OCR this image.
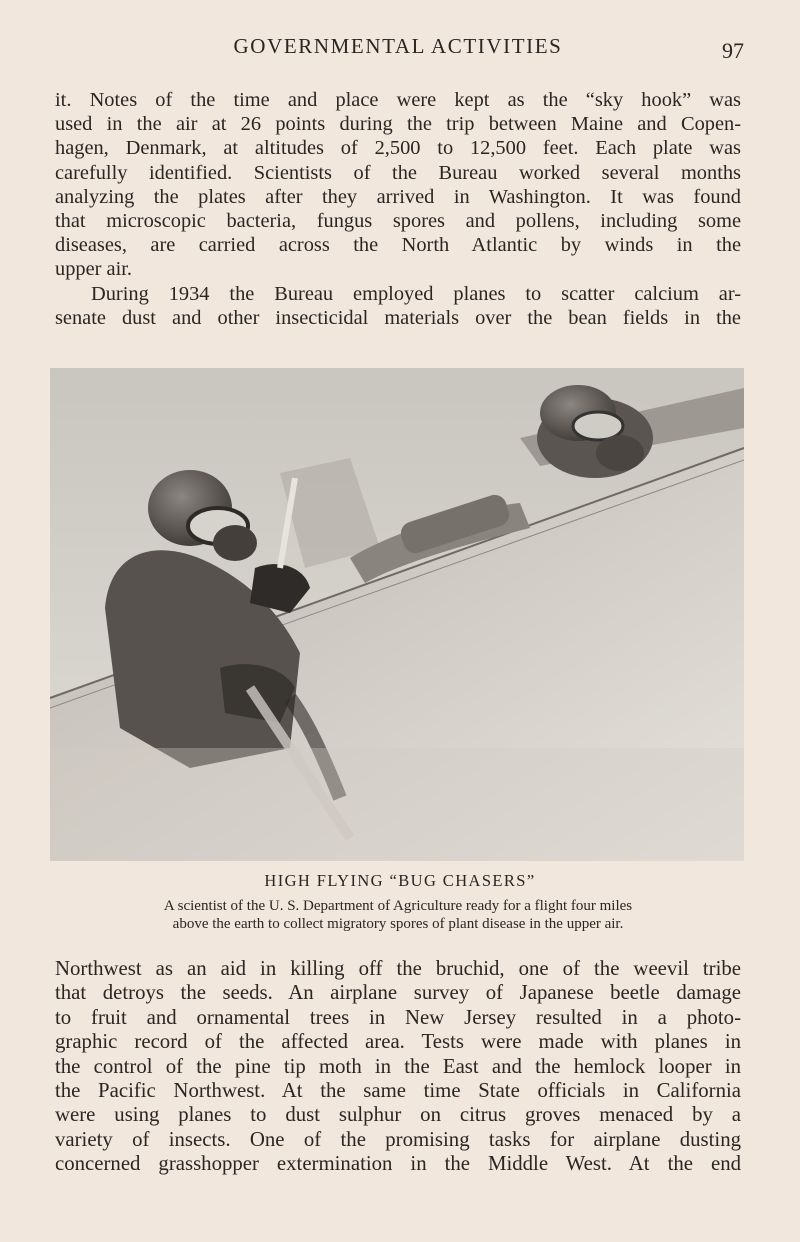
GOVERNMENTAL ACTIVITIES	97
it. Notes of the time and place were kept as the “sky hook” was
used in the air at 26 points during the trip between Maine and Copen-
hagen, Denmark, at altitudes of 2,500 to 12,500 feet. Each plate was
carefully identified. Scientists of the Bureau worked several months
analyzing the plates after they arrived in Washington. It was found
that microscopic bacteria, fungus spores and pollens, including some
diseases, are carried across the North Atlantic by winds in the
upper air.
During 1934 the Bureau employed planes to scatter calcium ar-
senate dust and other insecticidal materials over the bean fields in the
HIGH FLYING “BUG CHASERS”
A scientist of the U. S. Department of Agriculture ready for a flight four miles
above the earth to collect migratory spores of plant disease in the upper air.
Northwest as an aid in killing off the bruchid, one of the weevil tribe
that detroys the seeds. An airplane survey of Japanese beetle damage
to fruit and ornamental trees in New Jersey resulted in a photo-
graphic record of the affected area. Tests were made with planes in
the control of the pine tip moth in the East and the hemlock looper in
the Pacific Northwest. At the same time State officials in California
were using planes to dust sulphur on citrus groves menaced by a
variety of insects. One of the promising tasks for airplane dusting
concerned grasshopper extermination in the Middle West. At the end
